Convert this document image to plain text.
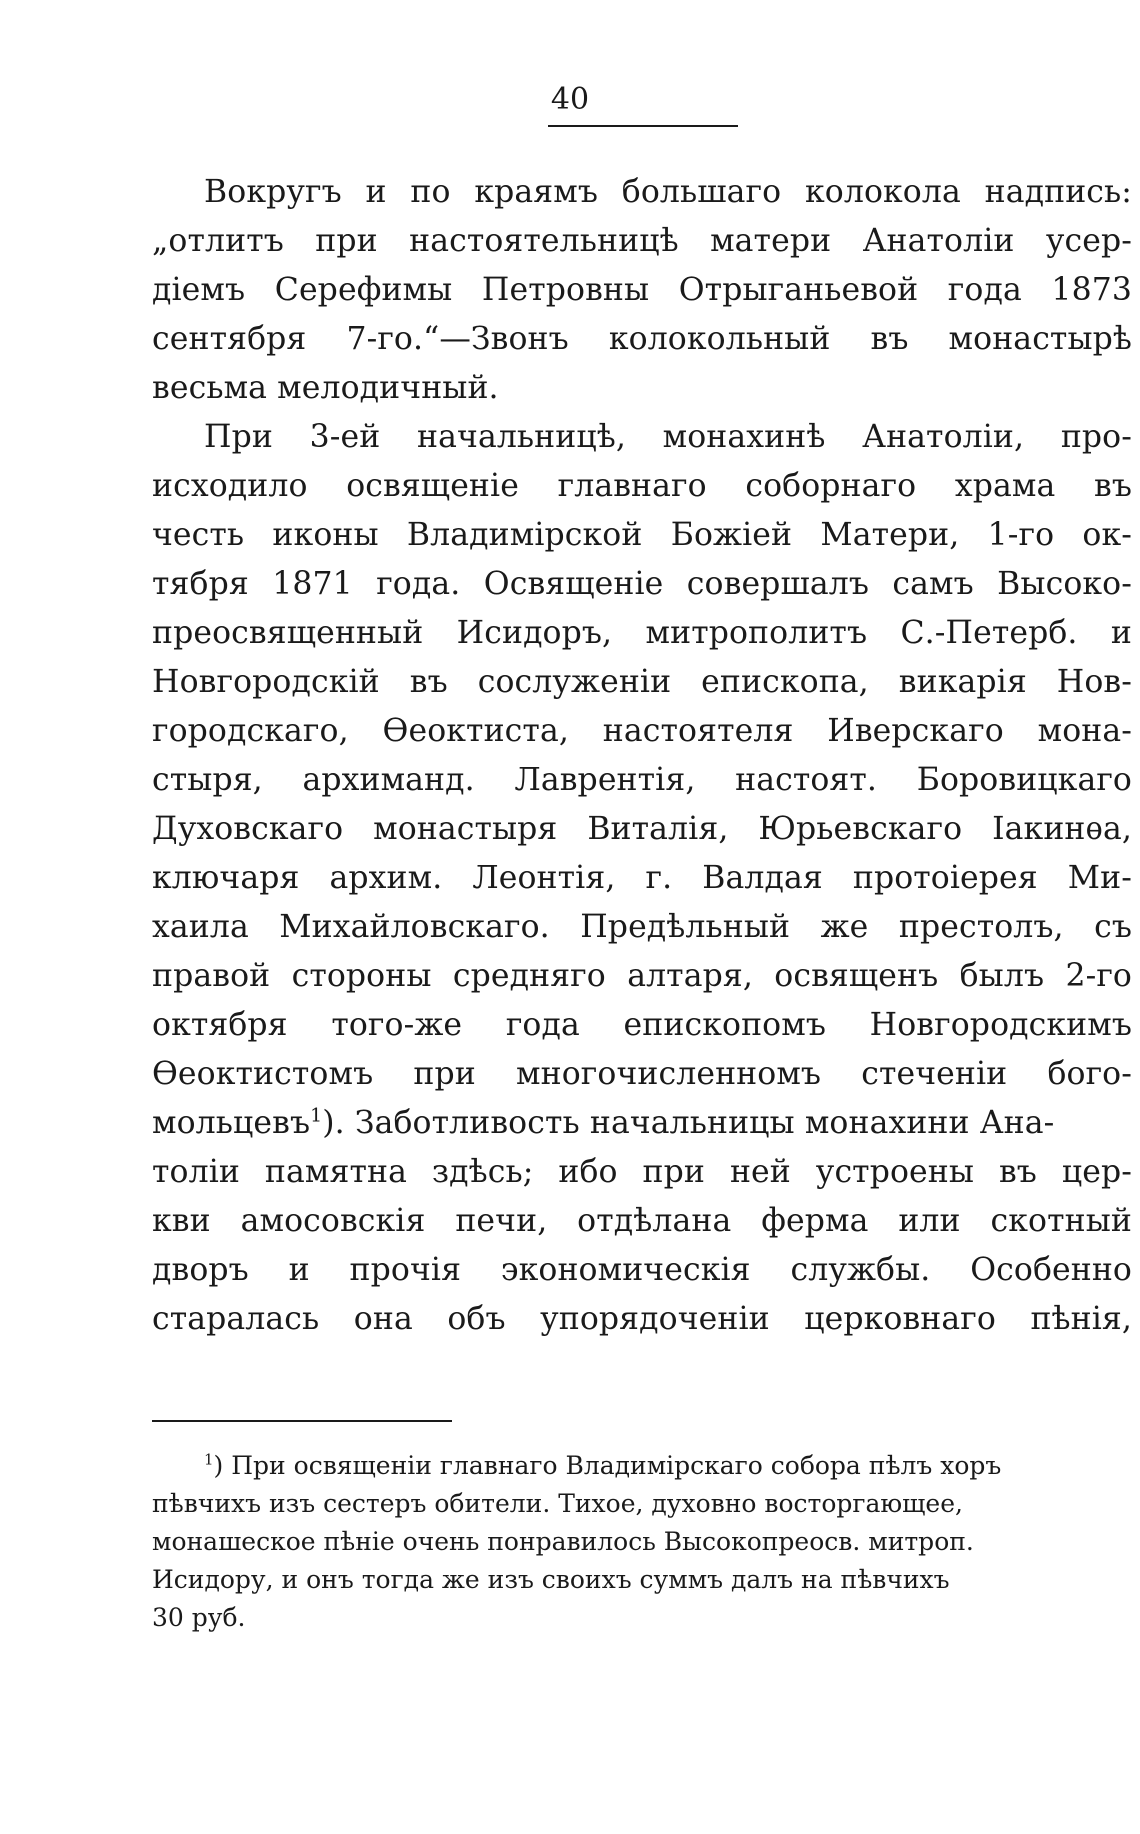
40
Вокругъ и по краямъ большаго колокола надпись:
„отлитъ при настоятельницѣ матери Анатоліи усер-
діемъ Серефимы Петровны Отрыганьевой года 1873
сентября 7-го.“—Звонъ колокольный въ монастырѣ
весьма мелодичный.
При 3-ей начальницѣ, монахинѣ Анатоліи, про-
исходило освященіе главнаго соборнаго храма въ
честь иконы Владимірской Божіей Матери, 1-го ок-
тября 1871 года. Освященіе совершалъ самъ Высоко-
преосвященный Исидоръ, митрополитъ С.-Петерб. и
Новгородскій въ сослуженіи епископа, викарія Нов-
городскаго, Ѳеоктиста, настоятеля Иверскаго мона-
стыря, архиманд. Лаврентія, настоят. Боровицкаго
Духовскаго монастыря Виталія, Юрьевскаго Іакинѳа,
ключаря архим. Леонтія, г. Валдая протоіерея Ми-
хаила Михайловскаго. Предѣльный же престолъ, съ
правой стороны средняго алтаря, освященъ былъ 2-го
октября того-же года епископомъ Новгородскимъ
Ѳеоктистомъ при многочисленномъ стеченіи бого-
мольцевъ$^1$). Заботливость начальницы монахини Ана-
толіи памятна здѣсь; ибо при ней устроены въ цер-
кви амосовскія печи, отдѣлана ферма или скотный
дворъ и прочія экономическія службы. Особенно
старалась она объ упорядоченіи церковнаго пѣнія,
$^1$) При освященіи главнаго Владимірскаго собора пѣлъ хоръ
пѣвчихъ изъ сестеръ обители. Тихое, духовно восторгающее,
монашеское пѣніе очень понравилось Высокопреосв. митроп.
Исидору, и онъ тогда же изъ своихъ суммъ далъ на пѣвчихъ
30 руб.
